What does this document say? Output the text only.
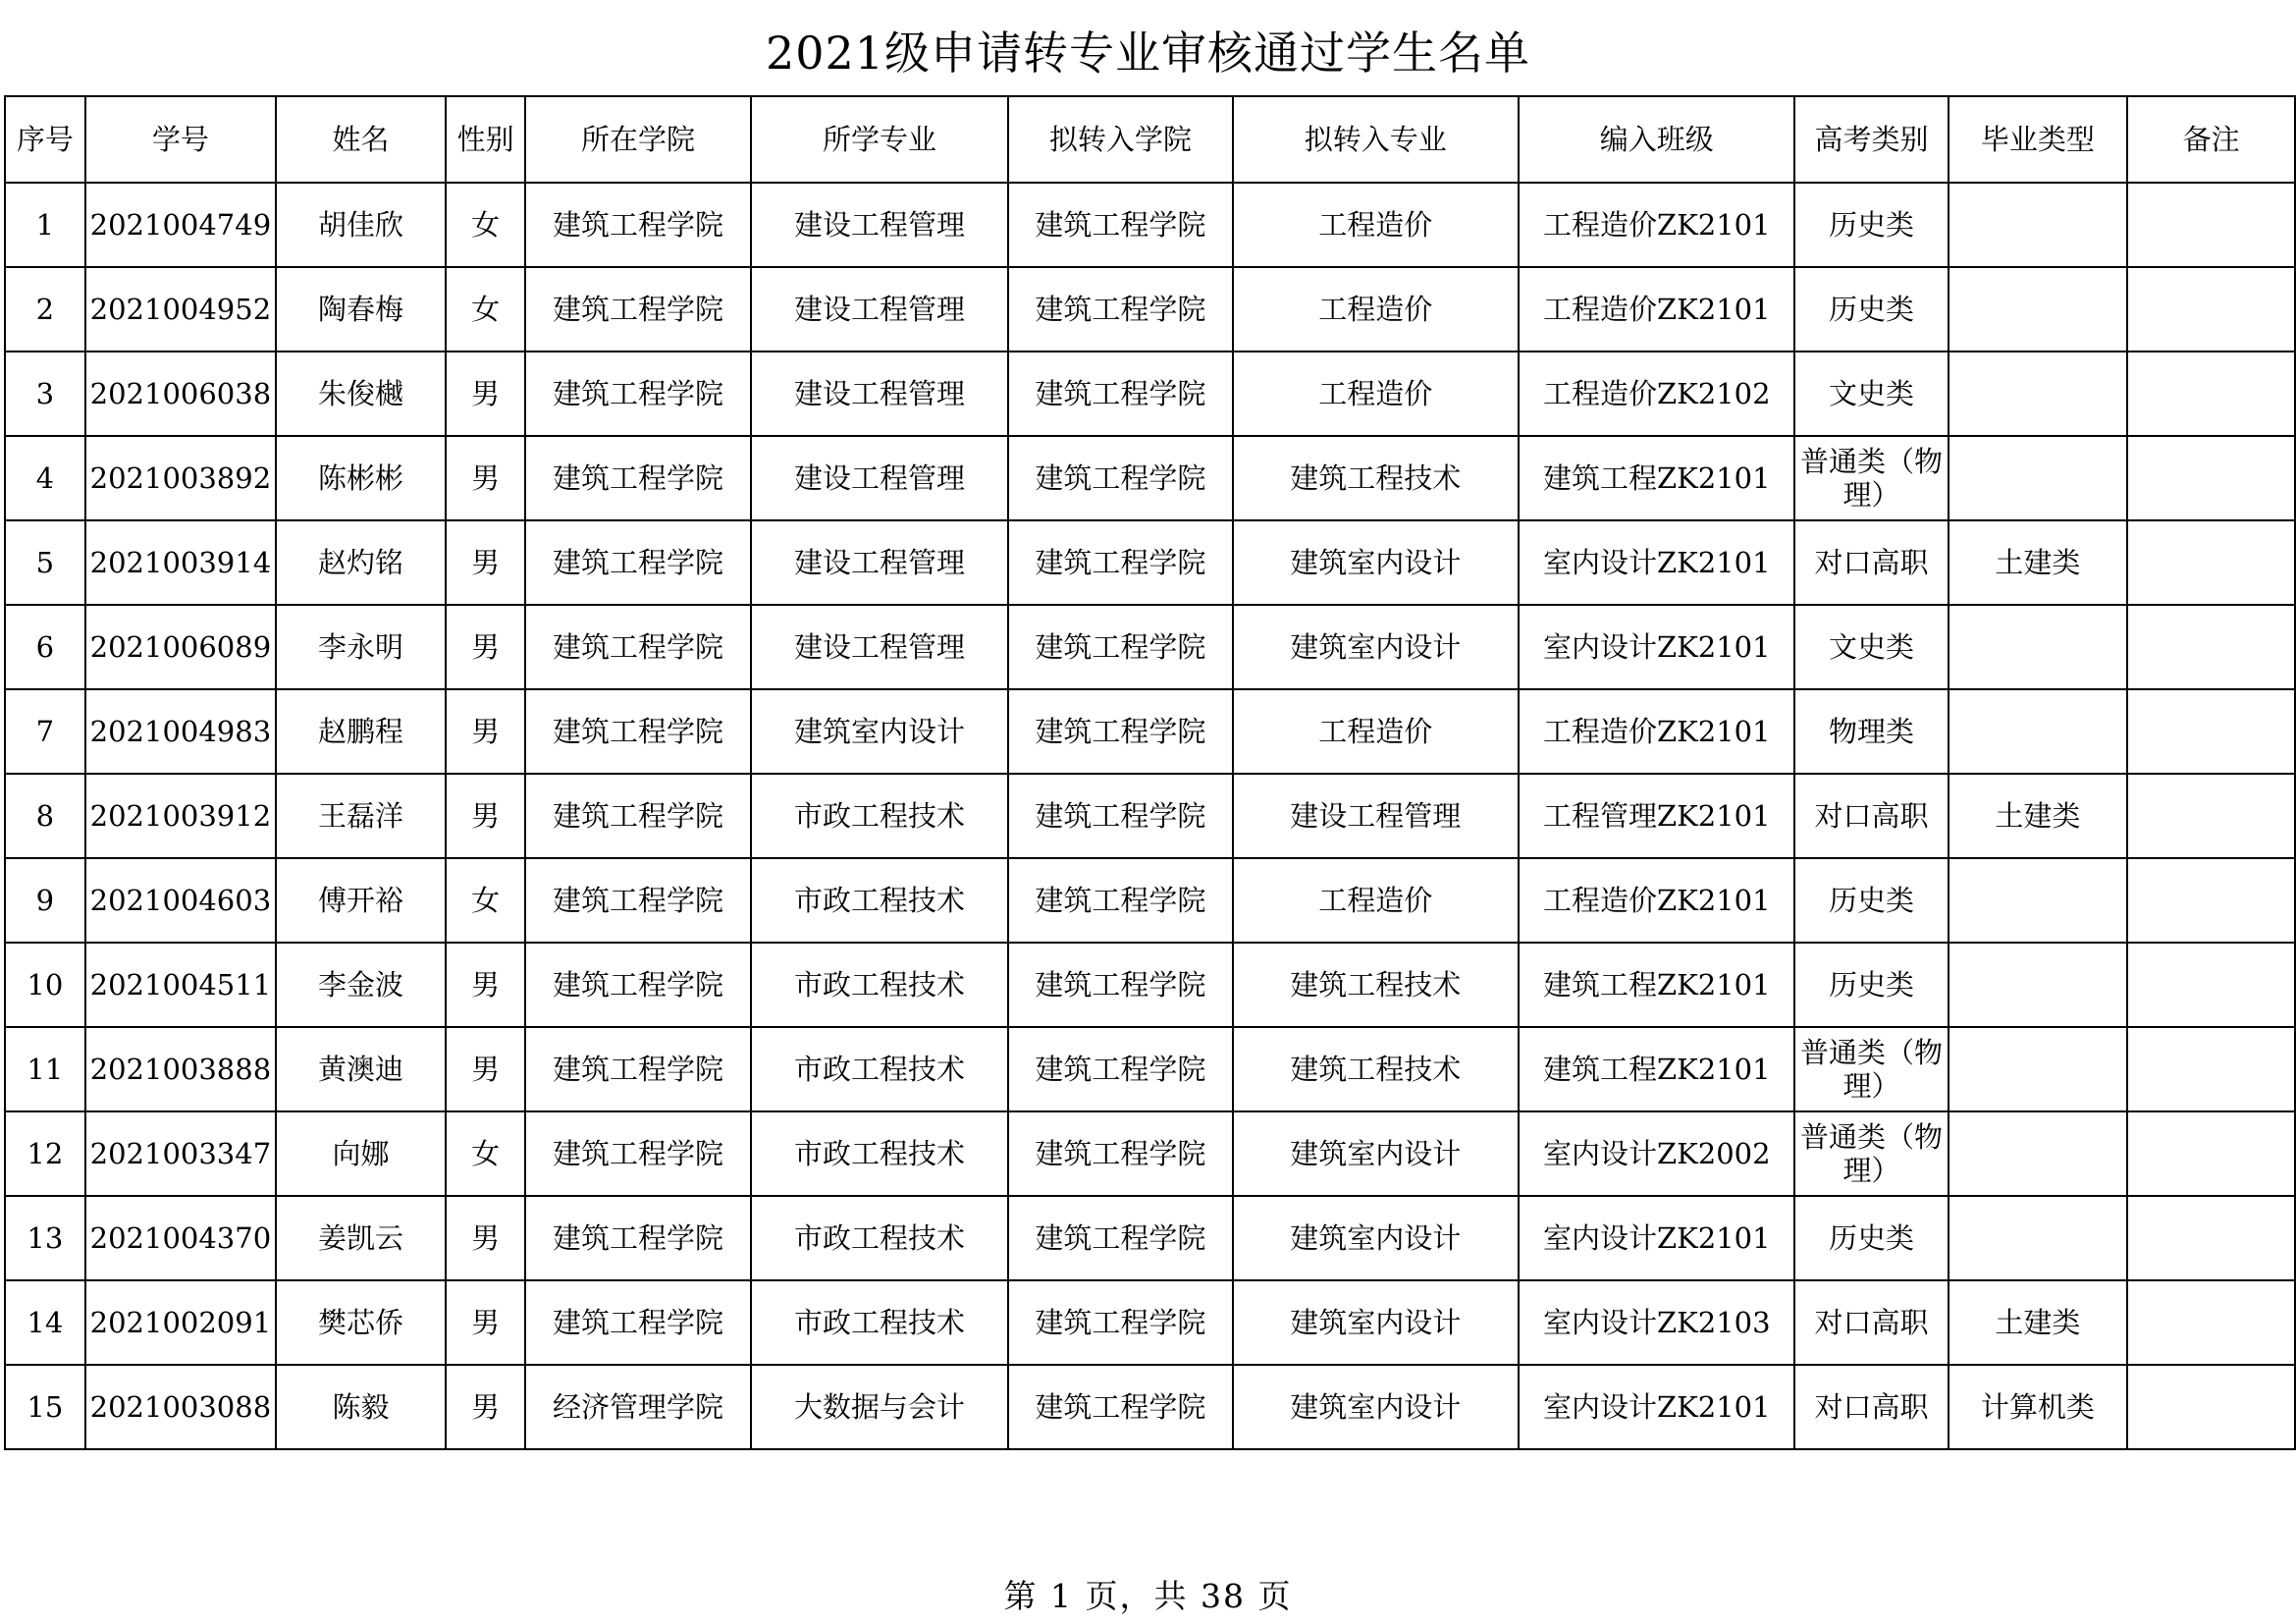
2021级申请转专业审核通过学生名单
序号	学号	姓名	性别	所在学院	所学专业	拟转入学院	拟转入专业	编入班级	高考类别	毕业类型	备注
1	2021004749	胡佳欣	女	建筑工程学院	建设工程管理	建筑工程学院	工程造价	工程造价ZK2101	历史类		
2	2021004952	陶春梅	女	建筑工程学院	建设工程管理	建筑工程学院	工程造价	工程造价ZK2101	历史类		
3	2021006038	朱俊樾	男	建筑工程学院	建设工程管理	建筑工程学院	工程造价	工程造价ZK2102	文史类		
4	2021003892	陈彬彬	男	建筑工程学院	建设工程管理	建筑工程学院	建筑工程技术	建筑工程ZK2101	普通类（物理）		
5	2021003914	赵灼铭	男	建筑工程学院	建设工程管理	建筑工程学院	建筑室内设计	室内设计ZK2101	对口高职	土建类	
6	2021006089	李永明	男	建筑工程学院	建设工程管理	建筑工程学院	建筑室内设计	室内设计ZK2101	文史类		
7	2021004983	赵鹏程	男	建筑工程学院	建筑室内设计	建筑工程学院	工程造价	工程造价ZK2101	物理类		
8	2021003912	王磊洋	男	建筑工程学院	市政工程技术	建筑工程学院	建设工程管理	工程管理ZK2101	对口高职	土建类	
9	2021004603	傅开裕	女	建筑工程学院	市政工程技术	建筑工程学院	工程造价	工程造价ZK2101	历史类		
10	2021004511	李金波	男	建筑工程学院	市政工程技术	建筑工程学院	建筑工程技术	建筑工程ZK2101	历史类		
11	2021003888	黄澳迪	男	建筑工程学院	市政工程技术	建筑工程学院	建筑工程技术	建筑工程ZK2101	普通类（物理）		
12	2021003347	向娜	女	建筑工程学院	市政工程技术	建筑工程学院	建筑室内设计	室内设计ZK2002	普通类（物理）		
13	2021004370	姜凯云	男	建筑工程学院	市政工程技术	建筑工程学院	建筑室内设计	室内设计ZK2101	历史类		
14	2021002091	樊芯侨	男	建筑工程学院	市政工程技术	建筑工程学院	建筑室内设计	室内设计ZK2103	对口高职	土建类	
15	2021003088	陈毅	男	经济管理学院	大数据与会计	建筑工程学院	建筑室内设计	室内设计ZK2101	对口高职	计算机类	
第 1 页，共 38 页
